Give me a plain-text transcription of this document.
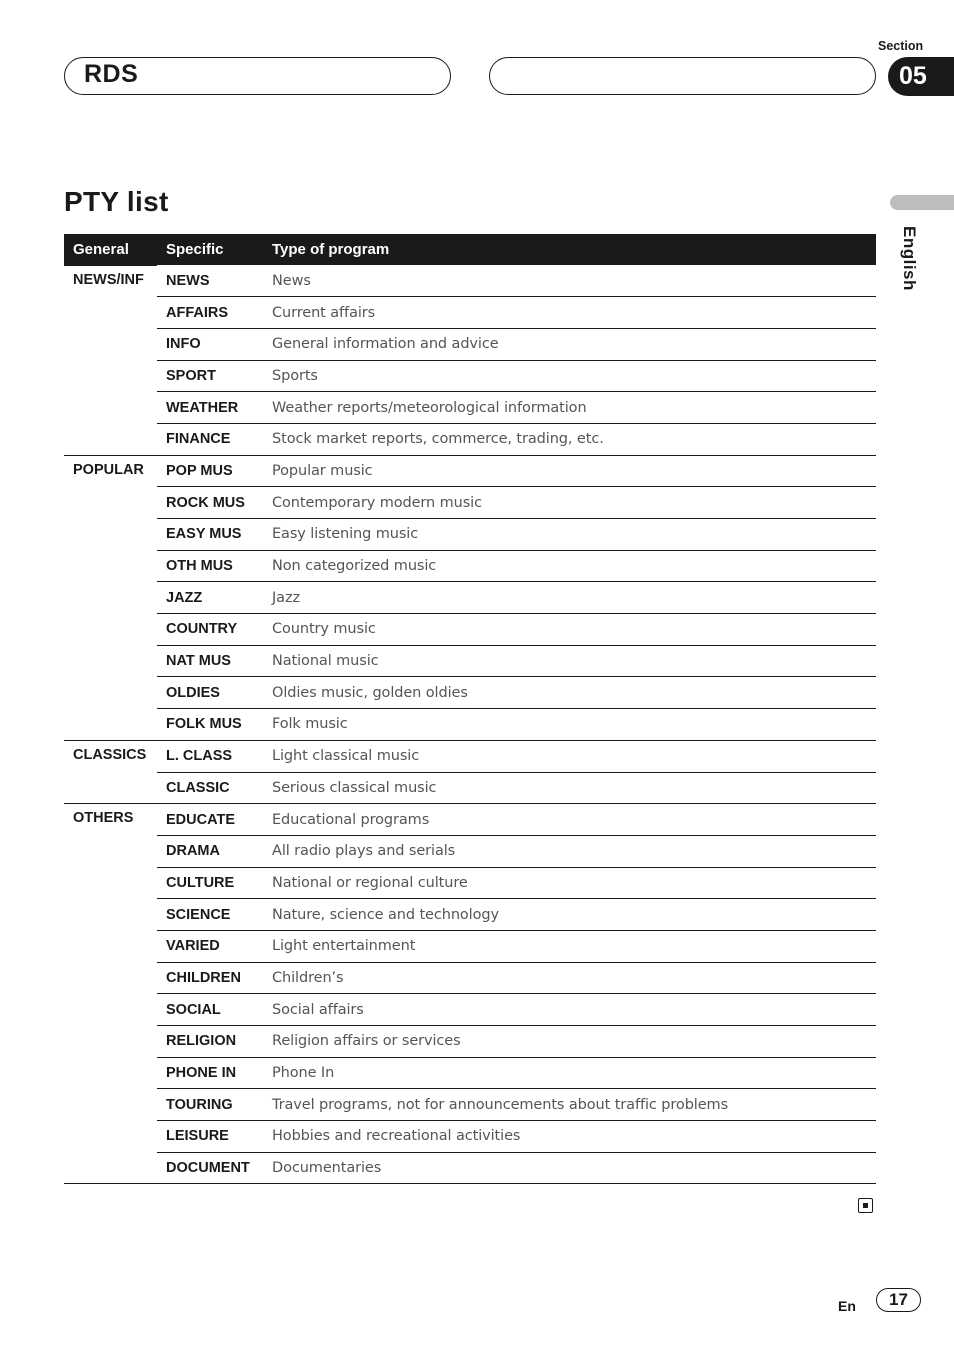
RDS
Section
05
English
PTY list
General	Specific	Type of program
NEWS/INF	NEWS	News
	AFFAIRS	Current affairs
	INFO	General information and advice
	SPORT	Sports
	WEATHER	Weather reports/meteorological information
	FINANCE	Stock market reports, commerce, trading, etc.
POPULAR	POP MUS	Popular music
	ROCK MUS	Contemporary modern music
	EASY MUS	Easy listening music
	OTH MUS	Non categorized music
	JAZZ	Jazz
	COUNTRY	Country music
	NAT MUS	National music
	OLDIES	Oldies music, golden oldies
	FOLK MUS	Folk music
CLASSICS	L. CLASS	Light classical music
	CLASSIC	Serious classical music
OTHERS	EDUCATE	Educational programs
	DRAMA	All radio plays and serials
	CULTURE	National or regional culture
	SCIENCE	Nature, science and technology
	VARIED	Light entertainment
	CHILDREN	Children’s
	SOCIAL	Social affairs
	RELIGION	Religion affairs or services
	PHONE IN	Phone In
	TOURING	Travel programs, not for announcements about traffic problems
	LEISURE	Hobbies and recreational activities
	DOCUMENT	Documentaries
En	17
